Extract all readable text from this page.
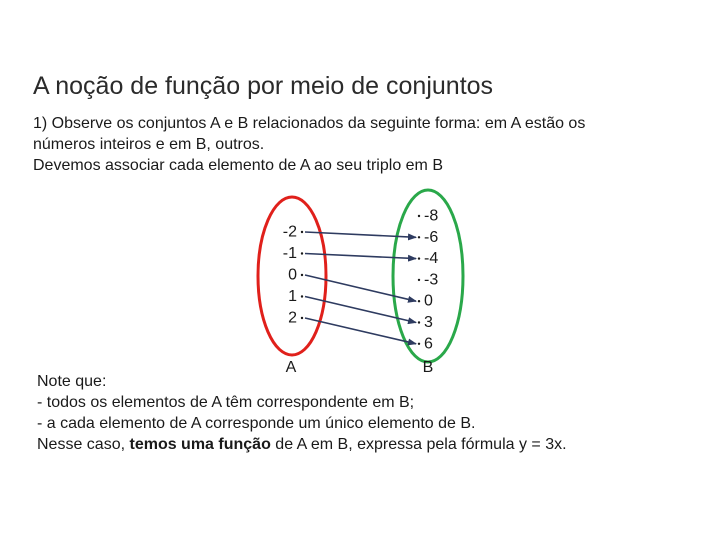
A noção de função por meio de conjuntos
1) Observe os conjuntos A e B relacionados da seguinte forma: em A estão os
números inteiros e em B, outros.
Devemos associar cada elemento de A ao seu triplo em B
-2
-1
0
1
2
-8
-6
-4
-3
0
3
6
A	B
Note que:
- todos os elementos de A têm correspondente em B;
- a cada elemento de A corresponde um único elemento de B.
Nesse caso, temos uma função de A em B, expressa pela fórmula y = 3x.
